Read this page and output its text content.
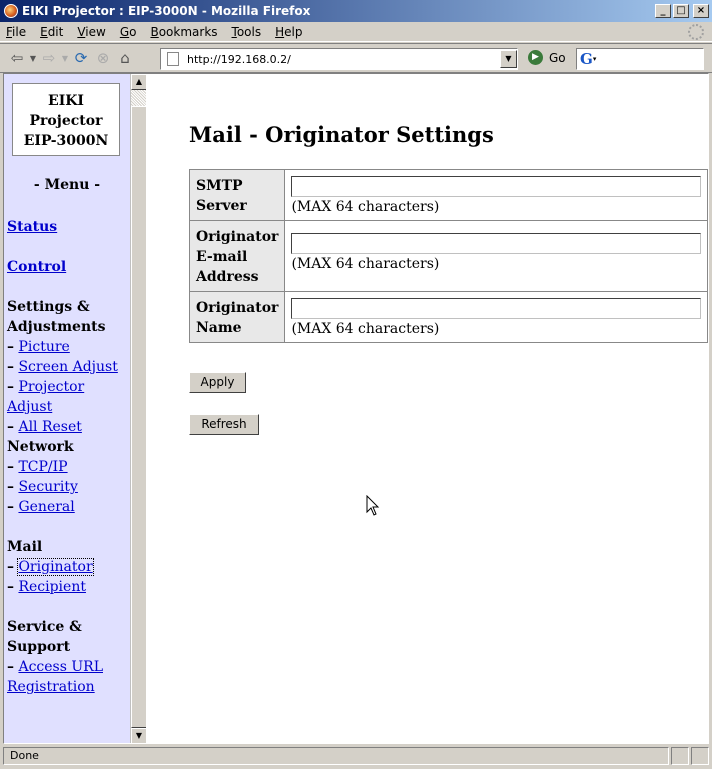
EIKI Projector : EIP-3000N - Mozilla Firefox	_	□	×
File Edit View Go Bookmarks Tools Help
⇦ ▼ ⇨ ▼ ⟳ ⊗ ⌂	http://192.168.0.2/	▼	▶ Go G ▾
EIKI
Projector
EIP-3000N
- Menu -
Status
Control
Settings &
Adjustments
– Picture
– Screen Adjust
– Projector Adjust
– All Reset
Network
– TCP/IP
– Security
– General
Mail
– Originator
– Recipient
Service &
Support
– Access URL
Registration
▲
▼
Mail - Originator Settings
SMTP
Server	(MAX 64 characters)

Originator
E-mail
Address	(MAX 64 characters)

Originator
Name	(MAX 64 characters)
Apply
Refresh
Done
